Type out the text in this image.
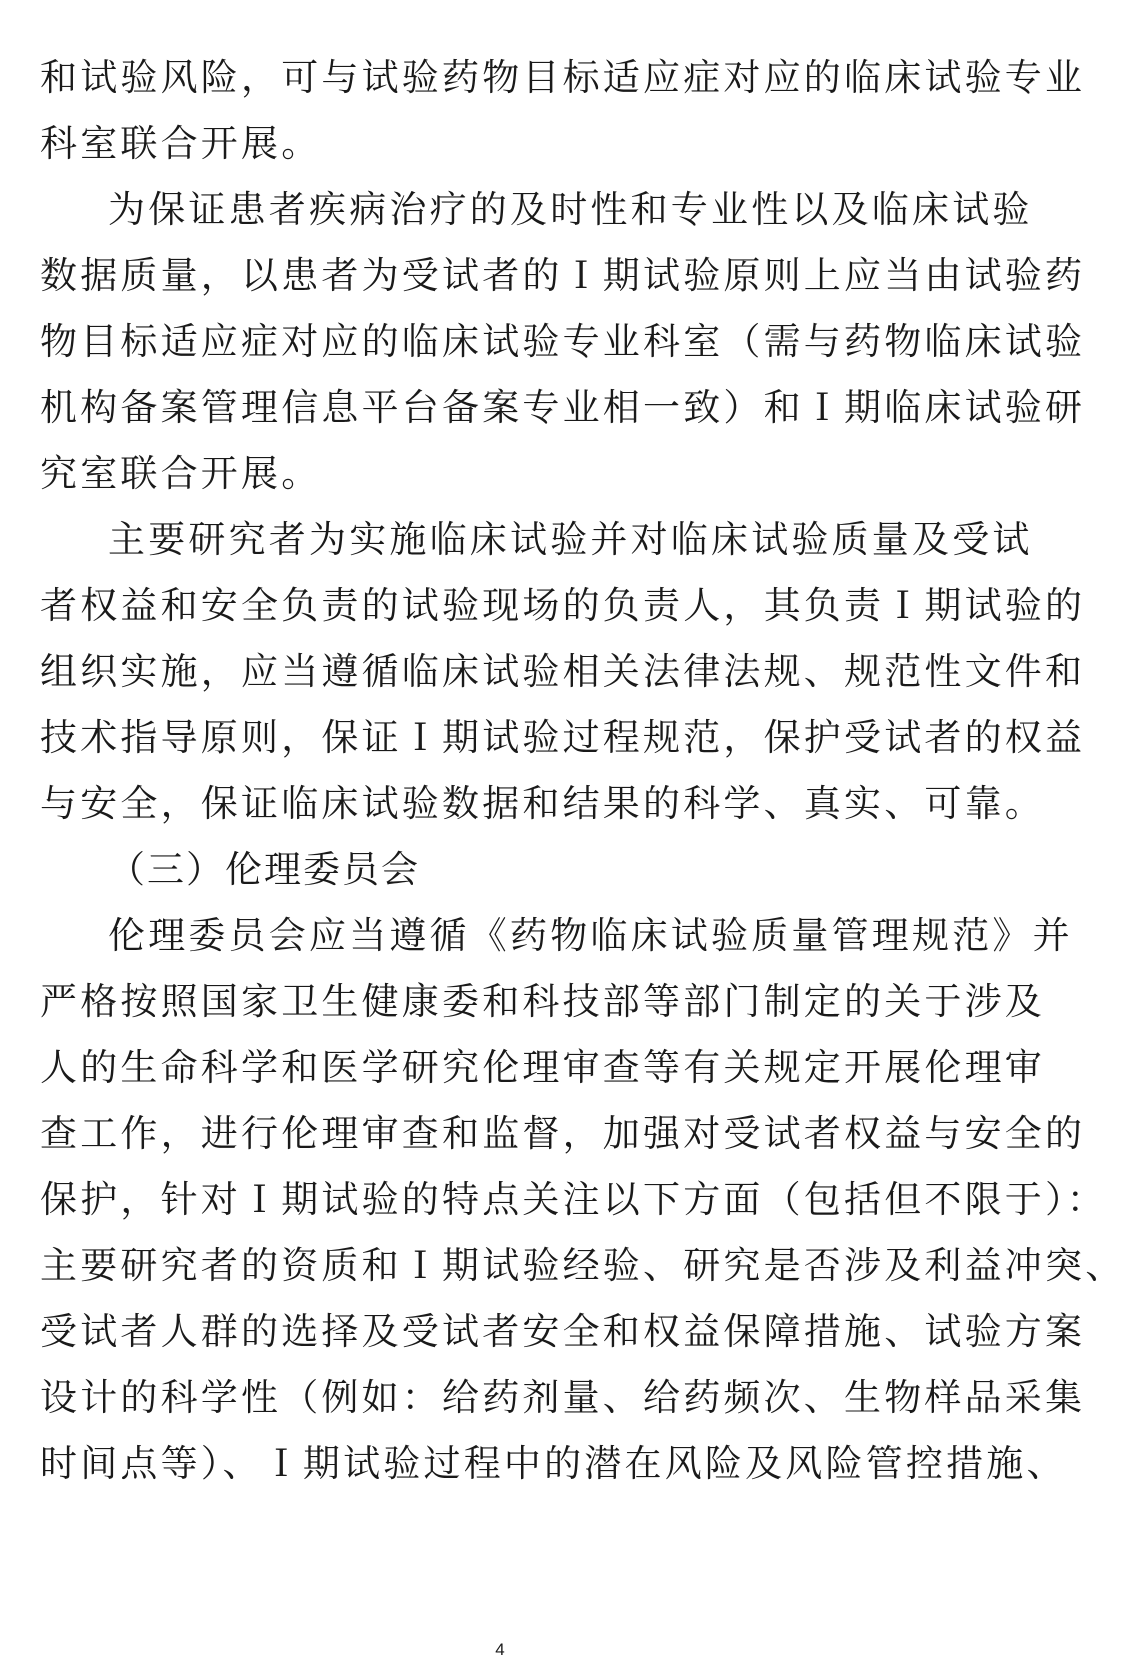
和试验风险，可与试验药物目标适应症对应的临床试验专业
科室联合开展。
为保证患者疾病治疗的及时性和专业性以及临床试验
数据质量，以患者为受试者的Ｉ期试验原则上应当由试验药
物目标适应症对应的临床试验专业科室（需与药物临床试验
机构备案管理信息平台备案专业相一致）和Ｉ期临床试验研
究室联合开展。
主要研究者为实施临床试验并对临床试验质量及受试
者权益和安全负责的试验现场的负责人，其负责Ｉ期试验的
组织实施，应当遵循临床试验相关法律法规、规范性文件和
技术指导原则，保证Ｉ期试验过程规范，保护受试者的权益
与安全，保证临床试验数据和结果的科学、真实、可靠。
（三）伦理委员会
伦理委员会应当遵循《药物临床试验质量管理规范》并
严格按照国家卫生健康委和科技部等部门制定的关于涉及
人的生命科学和医学研究伦理审查等有关规定开展伦理审
查工作，进行伦理审查和监督，加强对受试者权益与安全的
保护，针对Ｉ期试验的特点关注以下方面（包括但不限于）：
主要研究者的资质和Ｉ期试验经验、研究是否涉及利益冲突、
受试者人群的选择及受试者安全和权益保障措施、试验方案
设计的科学性（例如：给药剂量、给药频次、生物样品采集
时间点等）、Ｉ期试验过程中的潜在风险及风险管控措施、
4
